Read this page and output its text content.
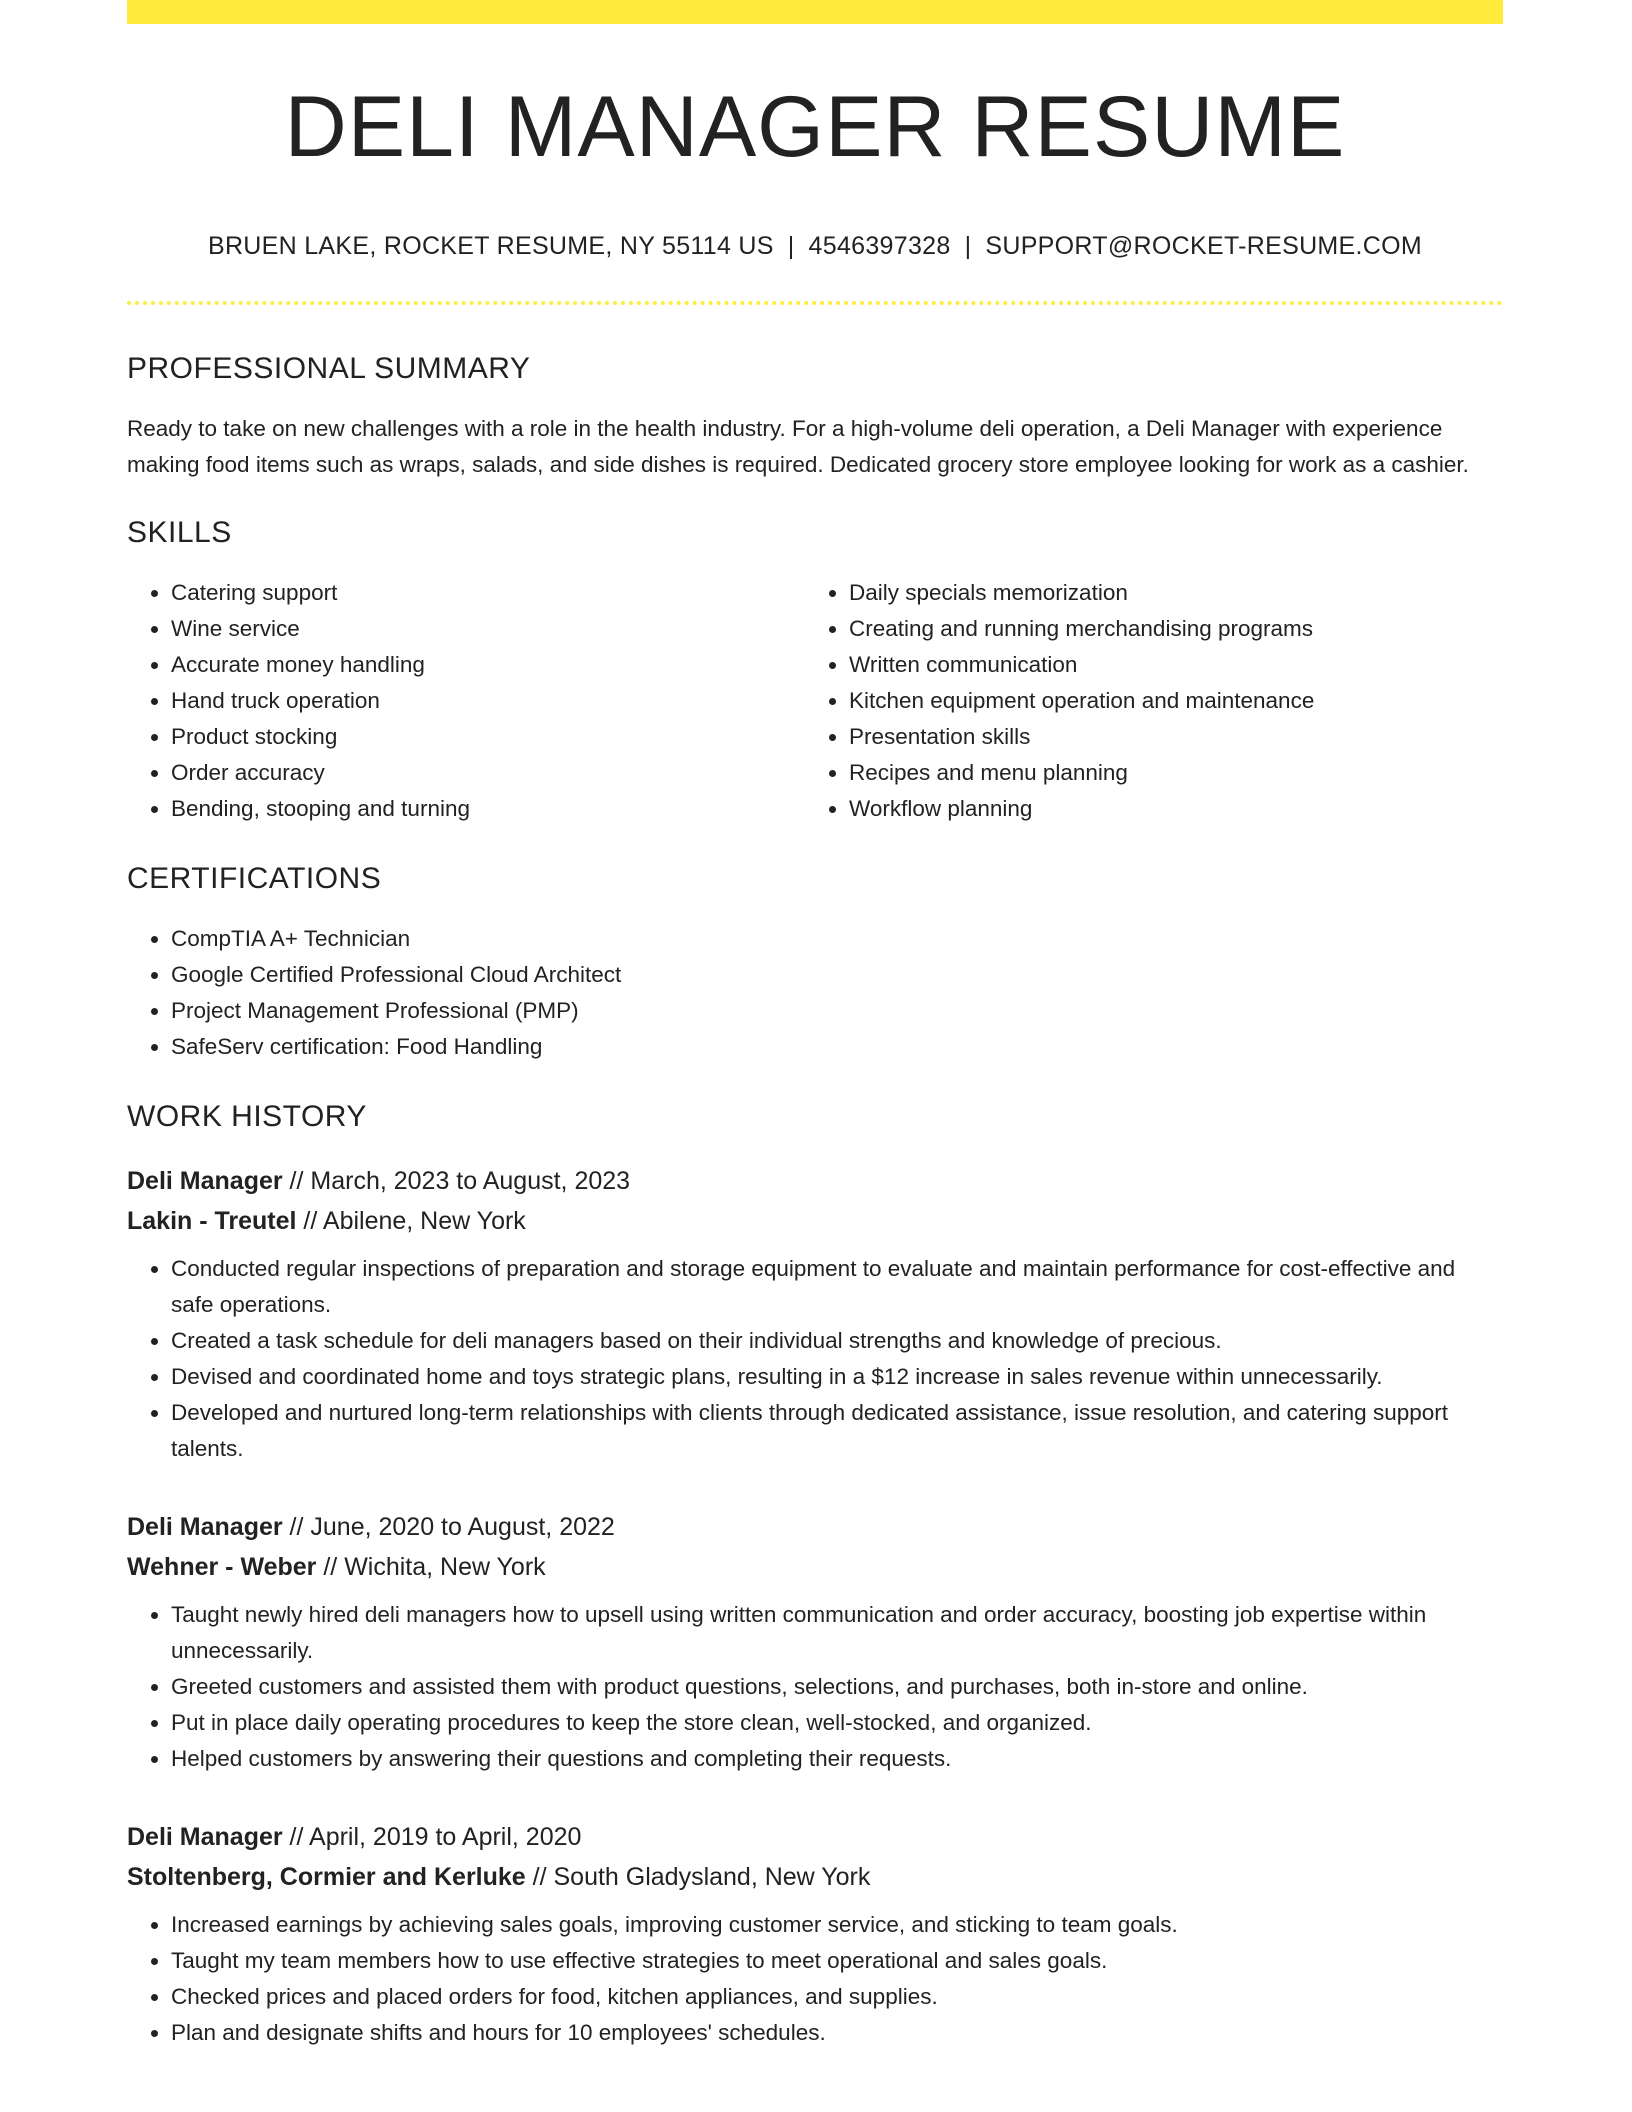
DELI MANAGER RESUME
BRUEN LAKE, ROCKET RESUME, NY 55114 US | 4546397328 | SUPPORT@ROCKET-RESUME.COM
PROFESSIONAL SUMMARY

Ready to take on new challenges with a role in the health industry. For a high-volume deli operation, a Deli Manager with experience making food items such as wraps, salads, and side dishes is required. Dedicated grocery store employee looking for work as a cashier.

SKILLS
• Catering support
• Wine service
• Accurate money handling
• Hand truck operation
• Product stocking
• Order accuracy
• Bending, stooping and turning
• Daily specials memorization
• Creating and running merchandising programs
• Written communication
• Kitchen equipment operation and maintenance
• Presentation skills
• Recipes and menu planning
• Workflow planning
CERTIFICATIONS
• CompTIA A+ Technician
• Google Certified Professional Cloud Architect
• Project Management Professional (PMP)
• SafeServ certification: Food Handling
WORK HISTORY
Deli Manager // March, 2023 to August, 2023
Lakin - Treutel // Abilene, New York
• Conducted regular inspections of preparation and storage equipment to evaluate and maintain performance for cost-effective and safe operations.
• Created a task schedule for deli managers based on their individual strengths and knowledge of precious.
• Devised and coordinated home and toys strategic plans, resulting in a $12 increase in sales revenue within unnecessarily.
• Developed and nurtured long-term relationships with clients through dedicated assistance, issue resolution, and catering support talents.
Deli Manager // June, 2020 to August, 2022
Wehner - Weber // Wichita, New York
• Taught newly hired deli managers how to upsell using written communication and order accuracy, boosting job expertise within unnecessarily.
• Greeted customers and assisted them with product questions, selections, and purchases, both in-store and online.
• Put in place daily operating procedures to keep the store clean, well-stocked, and organized.
• Helped customers by answering their questions and completing their requests.
Deli Manager // April, 2019 to April, 2020
Stoltenberg, Cormier and Kerluke // South Gladysland, New York
• Increased earnings by achieving sales goals, improving customer service, and sticking to team goals.
• Taught my team members how to use effective strategies to meet operational and sales goals.
• Checked prices and placed orders for food, kitchen appliances, and supplies.
• Plan and designate shifts and hours for 10 employees' schedules.
